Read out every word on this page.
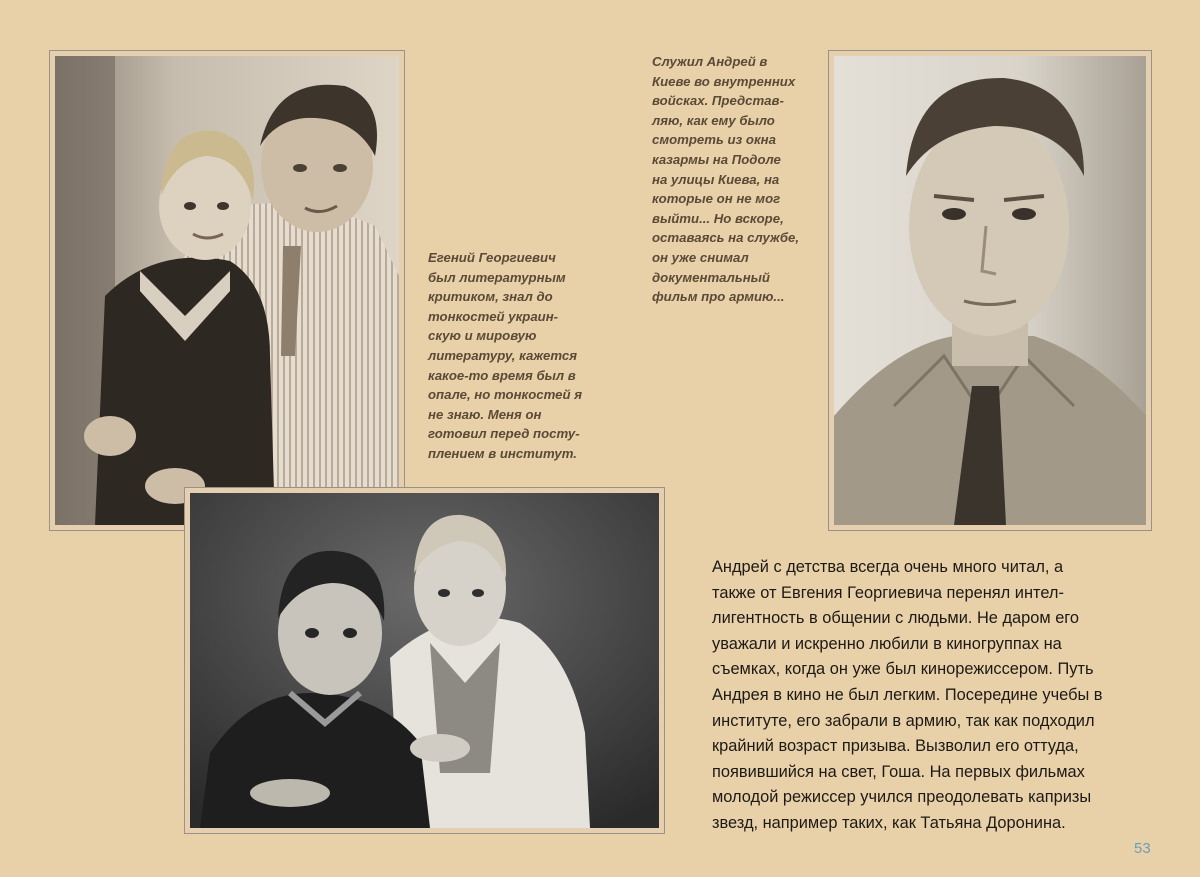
Егений Георгиевич
был литературным
критиком, знал до
тонкостей украин-
скую и мировую
литературу, кажется
какое-то время был в
опале, но тонкостей я
не знаю. Меня он
готовил перед посту-
плением в институт.
Служил Андрей в
Киеве во внутренних
войсках. Представ-
ляю, как ему было
смотреть из окна
казармы на Подоле
на улицы Киева, на
которые он не мог
выйти... Но вскоре,
оставаясь на службе,
он уже снимал
документальный
фильм про армию...
Андрей с детства всегда очень много читал, а
также от Евгения Георгиевича перенял интел-
лигентность в общении с людьми. Не даром его
уважали и искренно любили в киногруппах на
съемках, когда он уже был кинорежиссером. Путь
Андрея в кино не был легким. Посередине учебы в
институте, его забрали в армию, так как подходил
крайний возраст призыва. Вызволил его оттуда,
появившийся на свет, Гоша. На первых фильмах
молодой режиссер учился преодолевать капризы
звезд, например таких, как Татьяна Доронина.
53
